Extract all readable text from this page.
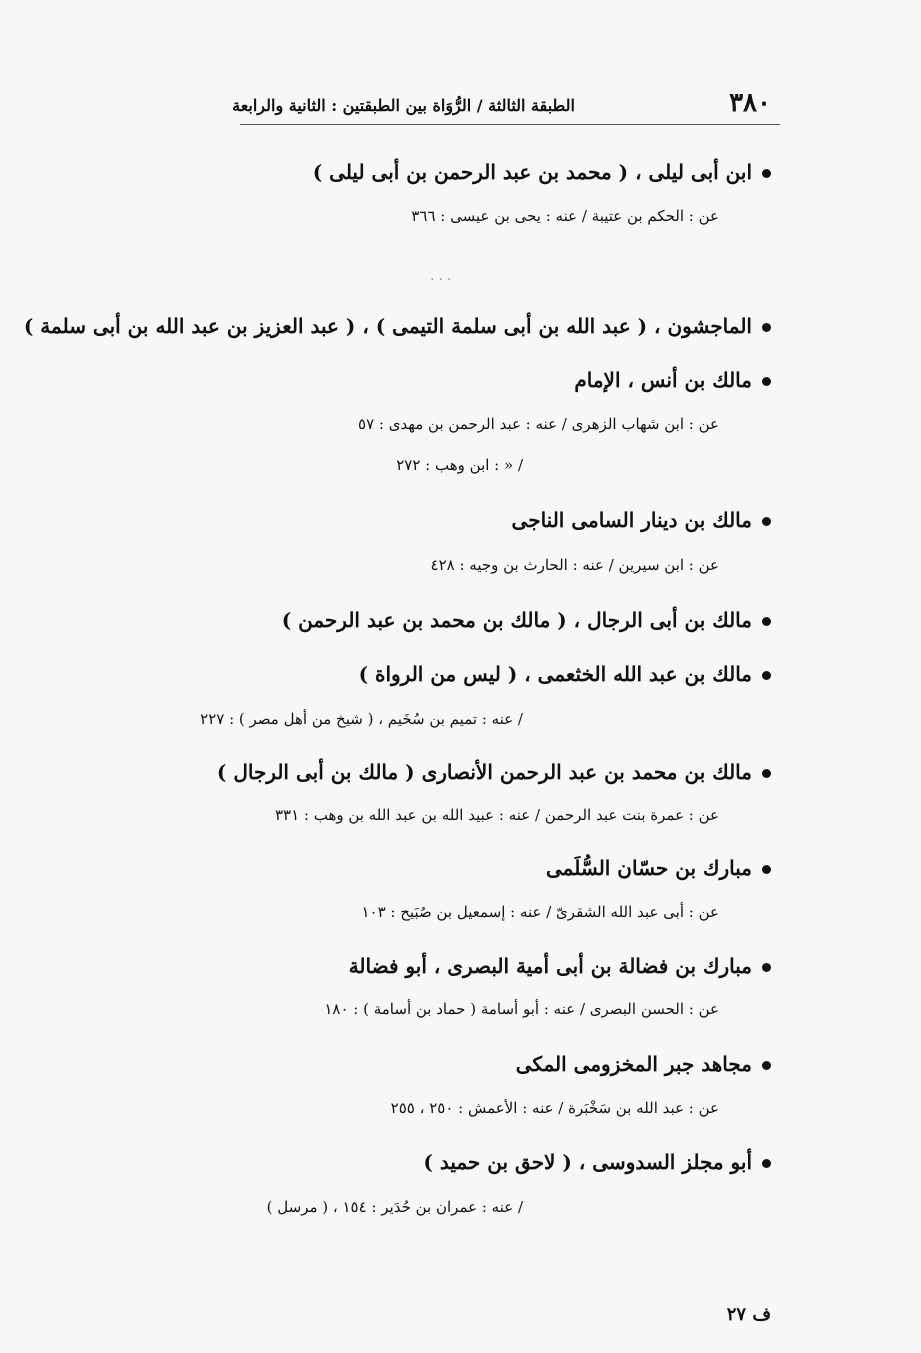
٣٨٠
الطبقة الثالثة / الرُّوَاة بين الطبقتين : الثانية والرابعة
ابن أبى ليلى ، ( محمد بن عبد الرحمن بن أبى ليلى )
عن : الحكم بن عتيبة / عنه : يحى بن عيسى : ٣٦٦
...
الماجشون ، ( عبد الله بن أبى سلمة التيمى ) ، ( عبد العزيز بن عبد الله بن أبى سلمة )
مالك بن أنس ، الإمام
عن : ابن شهاب الزهرى / عنه : عبد الرحمن بن مهدى : ٥٧
/ « : ابن وهب : ٢٧٢
مالك بن دينار السامى الناجى
عن : ابن سيرين / عنه : الحارث بن وجيه : ٤٢٨
مالك بن أبى الرجال ، ( مالك بن محمد بن عبد الرحمن )
مالك بن عبد الله الخثعمى ، ( ليس من الرواة )
/ عنه : تميم بن سُخَيم ، ( شيخ من أهل مصر ) : ٢٢٧
مالك بن محمد بن عبد الرحمن الأنصارى ( مالك بن أبى الرجال )
عن : عمرة بنت عبد الرحمن / عنه : عبيد الله بن عبد الله بن وهب : ٣٣١
مبارك بن حسّان السُّلَمى
عن : أبى عبد الله الشقرىّ / عنه : إسمعيل بن صُبَيح : ١٠٣
مبارك بن فضالة بن أبى أمية البصرى ، أبو فضالة
عن : الحسن البصرى / عنه : أبو أسامة ( حماد بن أسامة ) : ١٨٠
مجاهد جبر المخزومى المكى
عن : عبد الله بن سَخْبَرة / عنه : الأعمش : ٢٥٠ ، ٢٥٥
أبو مجلز السدوسى ، ( لاحق بن حميد )
/ عنه : عمران بن حُدَير : ١٥٤ ، ( مرسل )
ف ٢٧
